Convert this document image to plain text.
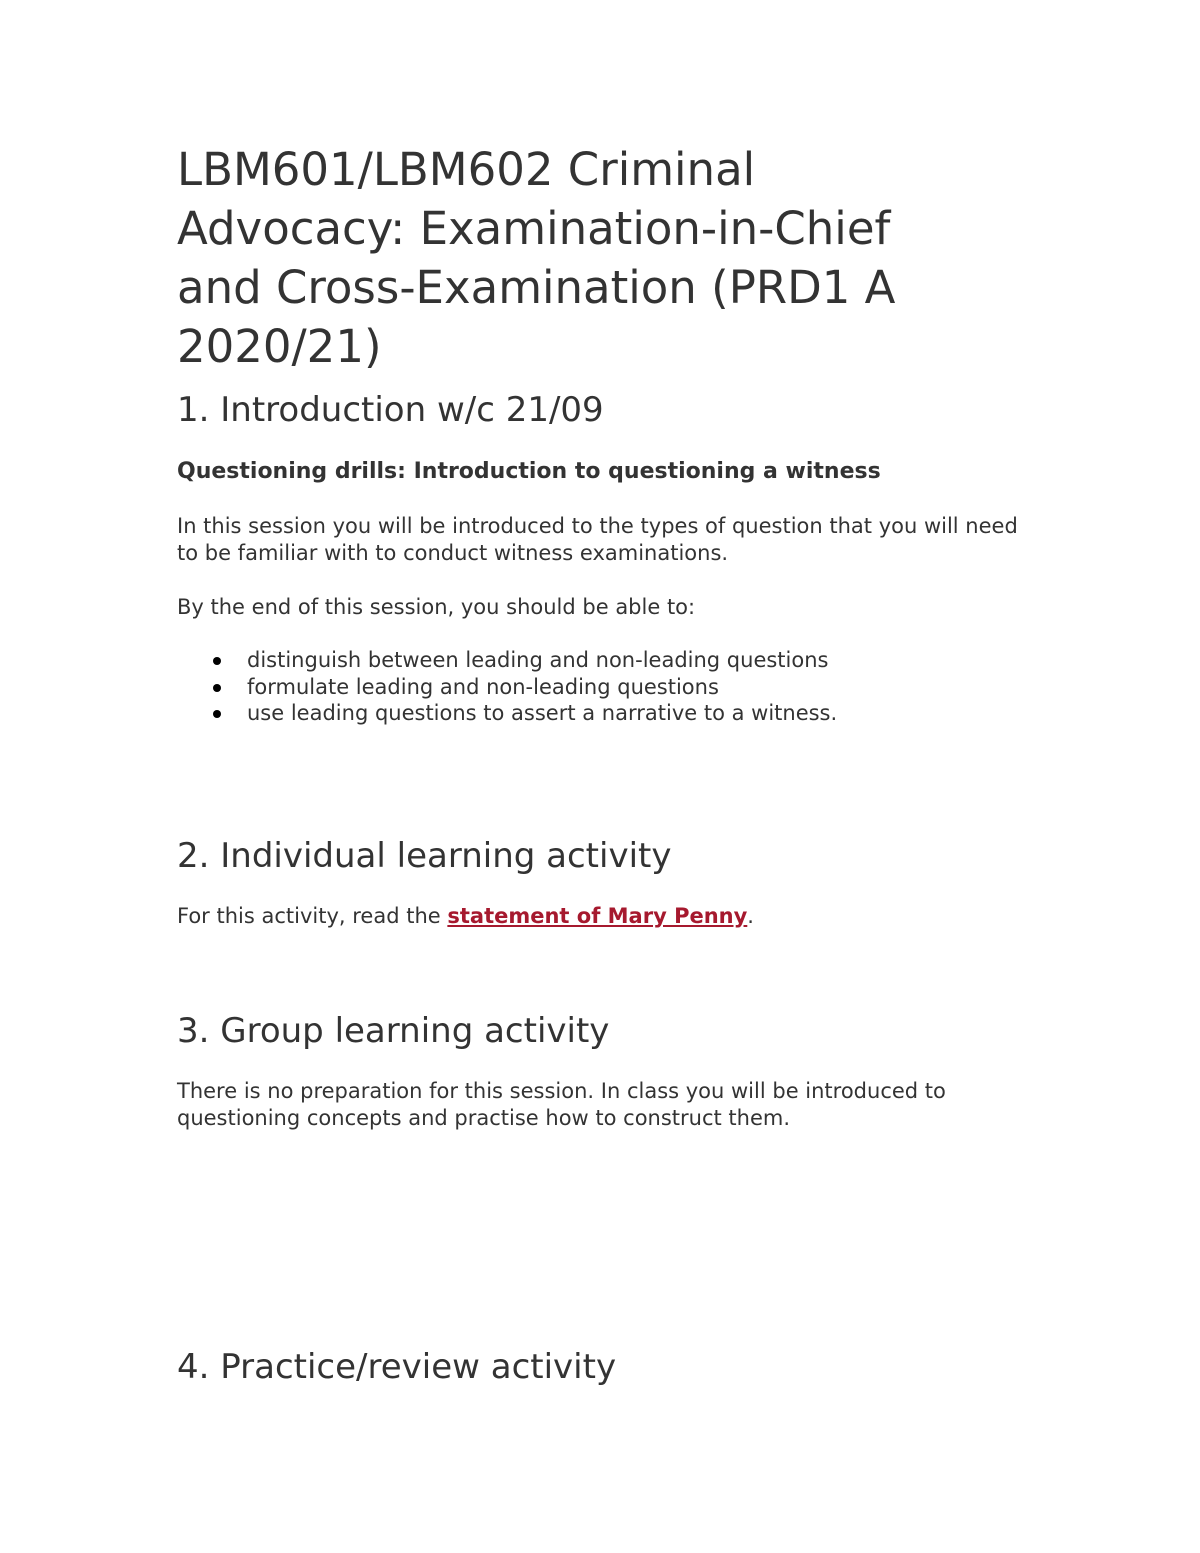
LBM601/LBM602 Criminal Advocacy: Examination-in-Chief and Cross-Examination (PRD1 A 2020/21)
1. Introduction w/c 21/09
Questioning drills: Introduction to questioning a witness

In this session you will be introduced to the types of question that you will need to be familiar with to conduct witness examinations.

By the end of this session, you should be able to:

distinguish between leading and non-leading questions
formulate leading and non-leading questions
use leading questions to assert a narrative to a witness.
2. Individual learning activity

For this activity, read the statement of Mary Penny.

3. Group learning activity

There is no preparation for this session. In class you will be introduced to questioning concepts and practise how to construct them.

4. Practice/review activity
